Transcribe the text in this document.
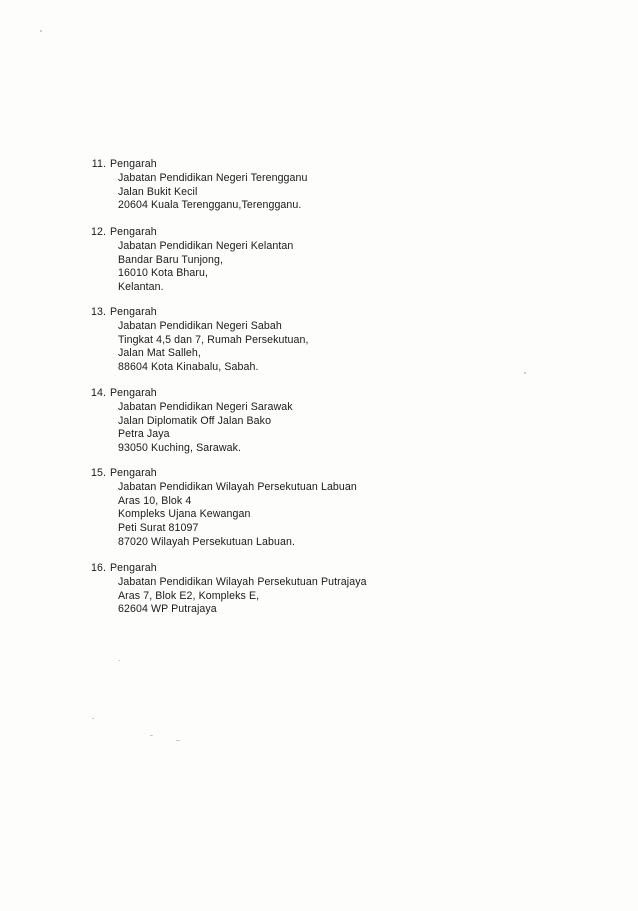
11. Pengarah
Jabatan Pendidikan Negeri Terengganu
Jalan Bukit Kecil
20604 Kuala Terengganu,Terengganu.
12. Pengarah
Jabatan Pendidikan Negeri Kelantan
Bandar Baru Tunjong,
16010 Kota Bharu,
Kelantan.
13. Pengarah
Jabatan Pendidikan Negeri Sabah
Tingkat 4,5 dan 7, Rumah Persekutuan,
Jalan Mat Salleh,
88604 Kota Kinabalu, Sabah.
14. Pengarah
Jabatan Pendidikan Negeri Sarawak
Jalan Diplomatik Off Jalan Bako
Petra Jaya
93050 Kuching, Sarawak.
15. Pengarah
Jabatan Pendidikan Wilayah Persekutuan Labuan
Aras 10, Blok 4
Kompleks Ujana Kewangan
Peti Surat 81097
87020 Wilayah Persekutuan Labuan.
16. Pengarah
Jabatan Pendidikan Wilayah Persekutuan Putrajaya
Aras 7, Blok E2, Kompleks E,
62604 WP Putrajaya
